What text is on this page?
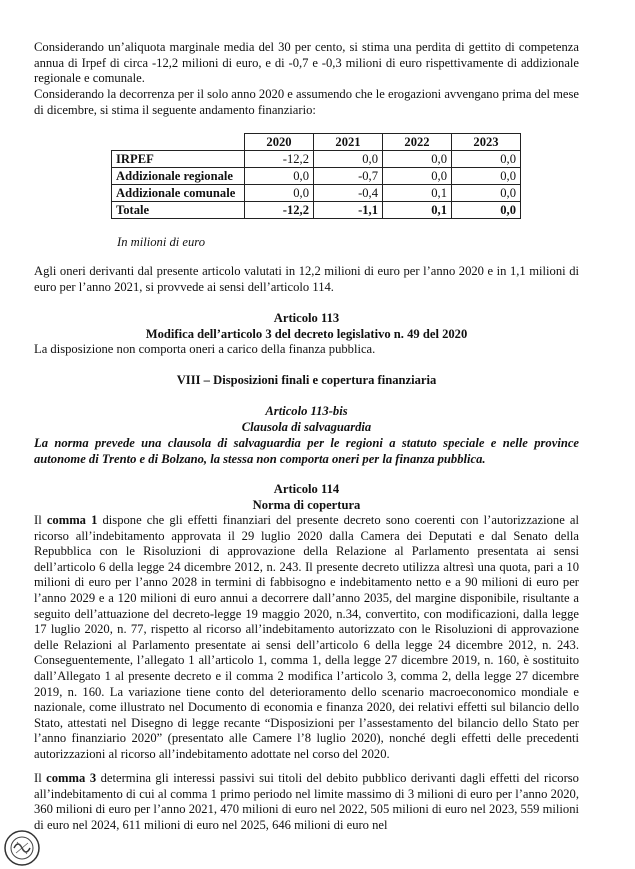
Considerando un’aliquota marginale media del 30 per cento, si stima una perdita di gettito di competenza annua di Irpef di circa -12,2 milioni di euro, e di -0,7 e -0,3 milioni di euro rispettivamente di addizionale regionale e comunale.

Considerando la decorrenza per il solo anno 2020 e assumendo che le erogazioni avvengano prima del mese di dicembre, si stima il seguente andamento finanziario:

	2020	2021	2022	2023
IRPEF	-12,2	0,0	0,0	0,0
Addizionale regionale	0,0	-0,7	0,0	0,0
Addizionale comunale	0,0	-0,4	0,1	0,0
Totale	-12,2	-1,1	0,1	0,0
In milioni di euro

Agli oneri derivanti dal presente articolo valutati in 12,2 milioni di euro per l’anno 2020 e in 1,1 milioni di euro per l’anno 2021, si provvede ai sensi dell’articolo 114.

Articolo 113
Modifica dell’articolo 3 del decreto legislativo n. 49 del 2020

La disposizione non comporta oneri a carico della finanza pubblica.

VIII – Disposizioni finali e copertura finanziaria
Articolo 113-bis
Clausola di salvaguardia

La norma prevede una clausola di salvaguardia per le regioni a statuto speciale e nelle province autonome di Trento e di Bolzano, la stessa non comporta oneri per la finanza pubblica.

Articolo 114
Norma di copertura

Il comma 1 dispone che gli effetti finanziari del presente decreto sono coerenti con l’autorizzazione al ricorso all’indebitamento approvata il 29 luglio 2020 dalla Camera dei Deputati e dal Senato della Repubblica con le Risoluzioni di approvazione della Relazione al Parlamento presentata ai sensi dell’articolo 6 della legge 24 dicembre 2012, n. 243. Il presente decreto utilizza altresì una quota, pari a 10 milioni di euro per l’anno 2028 in termini di fabbisogno e indebitamento netto e a 90 milioni di euro per l’anno 2029 e a 120 milioni di euro annui a decorrere dall’anno 2035, del margine disponibile, risultante a seguito dell’attuazione del decreto-legge 19 maggio 2020, n.34, convertito, con modificazioni, dalla legge 17 luglio 2020, n. 77, rispetto al ricorso all’indebitamento autorizzato con le Risoluzioni di approvazione delle Relazioni al Parlamento presentate ai sensi dell’articolo 6 della legge 24 dicembre 2012, n. 243. Conseguentemente, l’allegato 1 all’articolo 1, comma 1, della legge 27 dicembre 2019, n. 160, è sostituito dall’Allegato 1 al presente decreto e il comma 2 modifica l’articolo 3, comma 2, della legge 27 dicembre 2019, n. 160. La variazione tiene conto del deterioramento dello scenario macroeconomico mondiale e nazionale, come illustrato nel Documento di economia e finanza 2020, dei relativi effetti sul bilancio dello Stato, attestati nel Disegno di legge recante “Disposizioni per l’assestamento del bilancio dello Stato per l’anno finanziario 2020” (presentato alle Camere l’8 luglio 2020), nonché degli effetti delle precedenti autorizzazioni al ricorso all’indebitamento adottate nel corso del 2020.

Il comma 3 determina gli interessi passivi sui titoli del debito pubblico derivanti dagli effetti del ricorso all’indebitamento di cui al comma 1 primo periodo nel limite massimo di 3 milioni di euro per l’anno 2020, 360 milioni di euro per l’anno 2021, 470 milioni di euro nel 2022, 505 milioni di euro nel 2023, 559 milioni di euro nel 2024, 611 milioni di euro nel 2025, 646 milioni di euro nel
